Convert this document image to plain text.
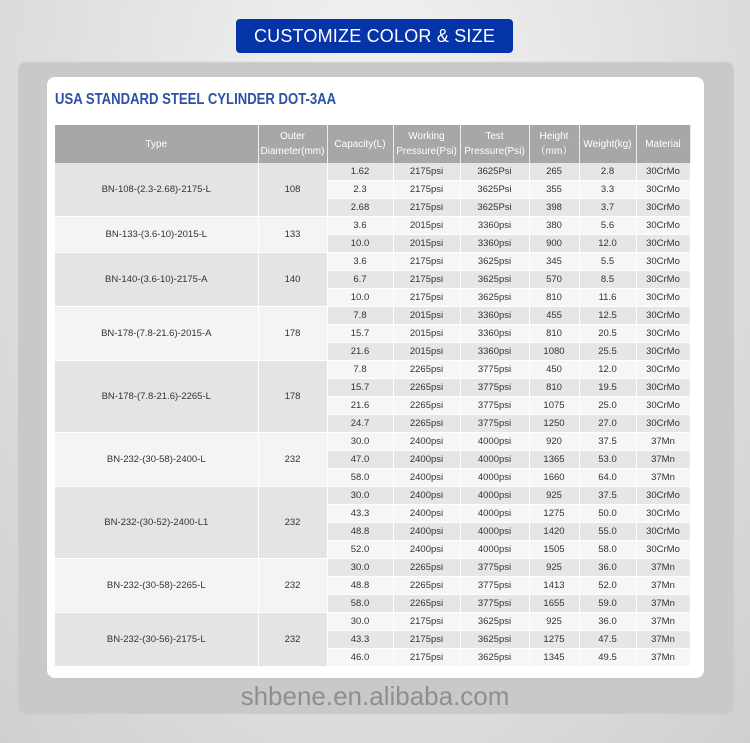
CUSTOMIZE COLOR & SIZE
USA STANDARD STEEL CYLINDER DOT-3AA
Type	Outer Diameter(mm)	Capacity(L)	Working Pressure(Psi)	Test Pressure(Psi)	Height （mm）	Weight(kg)	Material
BN-108-(2.3-2.68)-2175-L	108	1.62	2175psi	3625Psi	265	2.8	30CrMo
		2.3	2175psi	3625Psi	355	3.3	30CrMo
		2.68	2175psi	3625Psi	398	3.7	30CrMo
BN-133-(3.6-10)-2015-L	133	3.6	2015psi	3360psi	380	5.6	30CrMo
		10.0	2015psi	3360psi	900	12.0	30CrMo
BN-140-(3.6-10)-2175-A	140	3.6	2175psi	3625psi	345	5.5	30CrMo
		6.7	2175psi	3625psi	570	8.5	30CrMo
		10.0	2175psi	3625psi	810	11.6	30CrMo
BN-178-(7.8-21.6)-2015-A	178	7.8	2015psi	3360psi	455	12.5	30CrMo
		15.7	2015psi	3360psi	810	20.5	30CrMo
		21.6	2015psi	3360psi	1080	25.5	30CrMo
BN-178-(7.8-21.6)-2265-L	178	7.8	2265psi	3775psi	450	12.0	30CrMo
		15.7	2265psi	3775psi	810	19.5	30CrMo
		21.6	2265psi	3775psi	1075	25.0	30CrMo
		24.7	2265psi	3775psi	1250	27.0	30CrMo
BN-232-(30-58)-2400-L	232	30.0	2400psi	4000psi	920	37.5	37Mn
		47.0	2400psi	4000psi	1365	53.0	37Mn
		58.0	2400psi	4000psi	1660	64.0	37Mn
BN-232-(30-52)-2400-L1	232	30.0	2400psi	4000psi	925	37.5	30CrMo
		43.3	2400psi	4000psi	1275	50.0	30CrMo
		48.8	2400psi	4000psi	1420	55.0	30CrMo
		52.0	2400psi	4000psi	1505	58.0	30CrMo
BN-232-(30-58)-2265-L	232	30.0	2265psi	3775psi	925	36.0	37Mn
		48.8	2265psi	3775psi	1413	52.0	37Mn
		58.0	2265psi	3775psi	1655	59.0	37Mn
BN-232-(30-56)-2175-L	232	30.0	2175psi	3625psi	925	36.0	37Mn
		43.3	2175psi	3625psi	1275	47.5	37Mn
		46.0	2175psi	3625psi	1345	49.5	37Mn
shbene.en.alibaba.com
